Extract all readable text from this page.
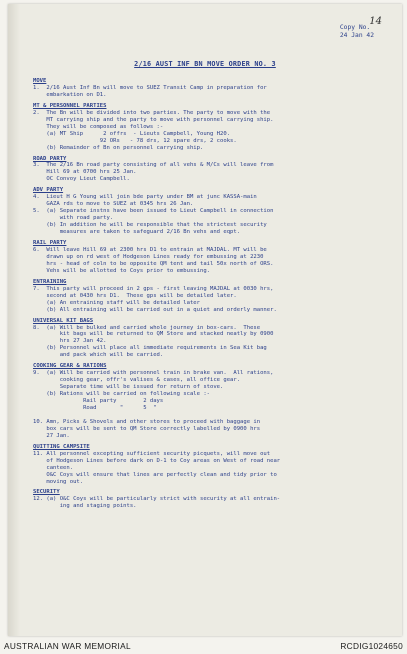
14
Copy No.
24 Jan 42
2/16 AUST INF BN MOVE ORDER NO. 3
MOVE
1.  2/16 Aust Inf Bn will move to SUEZ Transit Camp in preparation for
embarkation on D1.
MT & PERSONNEL PARTIES
2.  The Bn will be divided into two parties. The party to move with the
MT carrying ship and the party to move with personnel carrying ship.
They will be composed as follows :-
(a) MT Ship      2 offrs  - Lieuts Campbell, Young H20.
92 ORs   - 78 drs, 12 spare drs, 2 cooks.
(b) Remainder of Bn on personnel carrying ship.
ROAD PARTY
3.  The 2/16 Bn road party consisting of all vehs & M/Cs will leave from
Hill 69 at 0700 hrs 25 Jan.
OC Convoy Lieut Campbell.
ADV PARTY
4.  Lieut H G Young will join bde party under BM at junc KASSA-main
GAZA rds to move to SUEZ at 0345 hrs 26 Jan.
5.  (a) Separate instns have been issued to Lieut Campbell in connection
with road party.
(b) In addition he will be responsible that the strictest security
measures are taken to safeguard 2/16 Bn vehs and eqpt.
RAIL PARTY
6.  Will leave Hill 69 at 2300 hrs D1 to entrain at MAJDAL. MT will be
drawn up on rd west of Hodgeson Lines ready for embussing at 2230
hrs - head of coln to be opposite QM tent and tail 50x north of ORS.
Vehs will be allotted to Coys prior to embussing.
ENTRAINING
7.  This party will proceed in 2 gps - first leaving MAJDAL at 0030 hrs,
second at 0430 hrs D1.  These gps will be detailed later.
(a) An entraining staff will be detailed later
(b) All entraining will be carried out in a quiet and orderly manner.
UNIVERSAL KIT BAGS
8.  (a) Will be bulked and carried whole journey in box-cars.  These
kit bags will be returned to QM Store and stacked neatly by 0900
hrs 27 Jan 42.
(b) Personnel will place all immediate requirements in Sea Kit bag
and pack which will be carried.
COOKING GEAR & RATIONS
9.  (a) Will be carried with personnel train in brake van.  All rations,
cooking gear, offr's valises & cases, all office gear.
Separate time will be issued for return of stove.
(b) Rations will be carried on following scale :-
Rail party        2 days
Road       "      5  "
10. Amn, Picks & Shovels and other stores to proceed with baggage in
box cars will be sent to QM Store correctly labelled by 0900 hrs
27 Jan.
QUITTING CAMPSITE
11. All personnel excepting sufficient security picquets, will move out
of Hodgeson Lines before dark on D-1 to Coy areas on West of road near
canteen.
O&C Coys will ensure that lines are perfectly clean and tidy prior to
moving out.
SECURITY
12. (a) O&C Coys will be particularly strict with security at all entrain-
ing and staging points.
AUSTRALIAN WAR MEMORIAL	RCDIG1024650
